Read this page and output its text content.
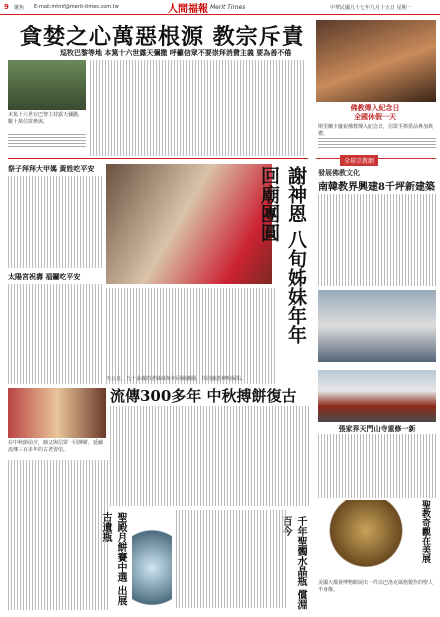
9 聚焦 E-mail:mtmf@merit-times.com.tw	人間福報 Merit Times	中華民國九十七年九月十五日 星期一
貪婪之心萬惡根源 教宗斥責
巡牧巴黎等地 本篤十六世露天彌撒 呼籲信眾不要崇拜消費主義 要為善不倦
本篤十六世在巴黎主持露天彌撒，數十萬信眾參與。
佛教傳入紀念日
全國休假一天
斯里蘭卡慶祝佛教傳入紀念日，信眾手捧供品參加典禮。
全球宗教網
發展佛教文化
南韓教界興建8千坪新建築
祭子拜拜大甲媽 黃姓吃平安
太陽宮祝壽 福鑼吃平安	謝神恩 八旬姊妹年年回廟團圓
天公自，九十多歲的老姊妹每年回廟團圓，共同感恩神明保佑。
流傳300多年 中秋搏餅復古
在中秋節前夕，師父與信眾一同搏餅，延續流傳三百多年的古老習俗。
聖殿月餅賽中選 出展古遺瓶	千年聖髑水晶瓶 償淵
張家界天門山寺重修一新
聖教奇觀在美展
美國大都會博物館展出一件以巴洛克風格製作的聖人半身像。
